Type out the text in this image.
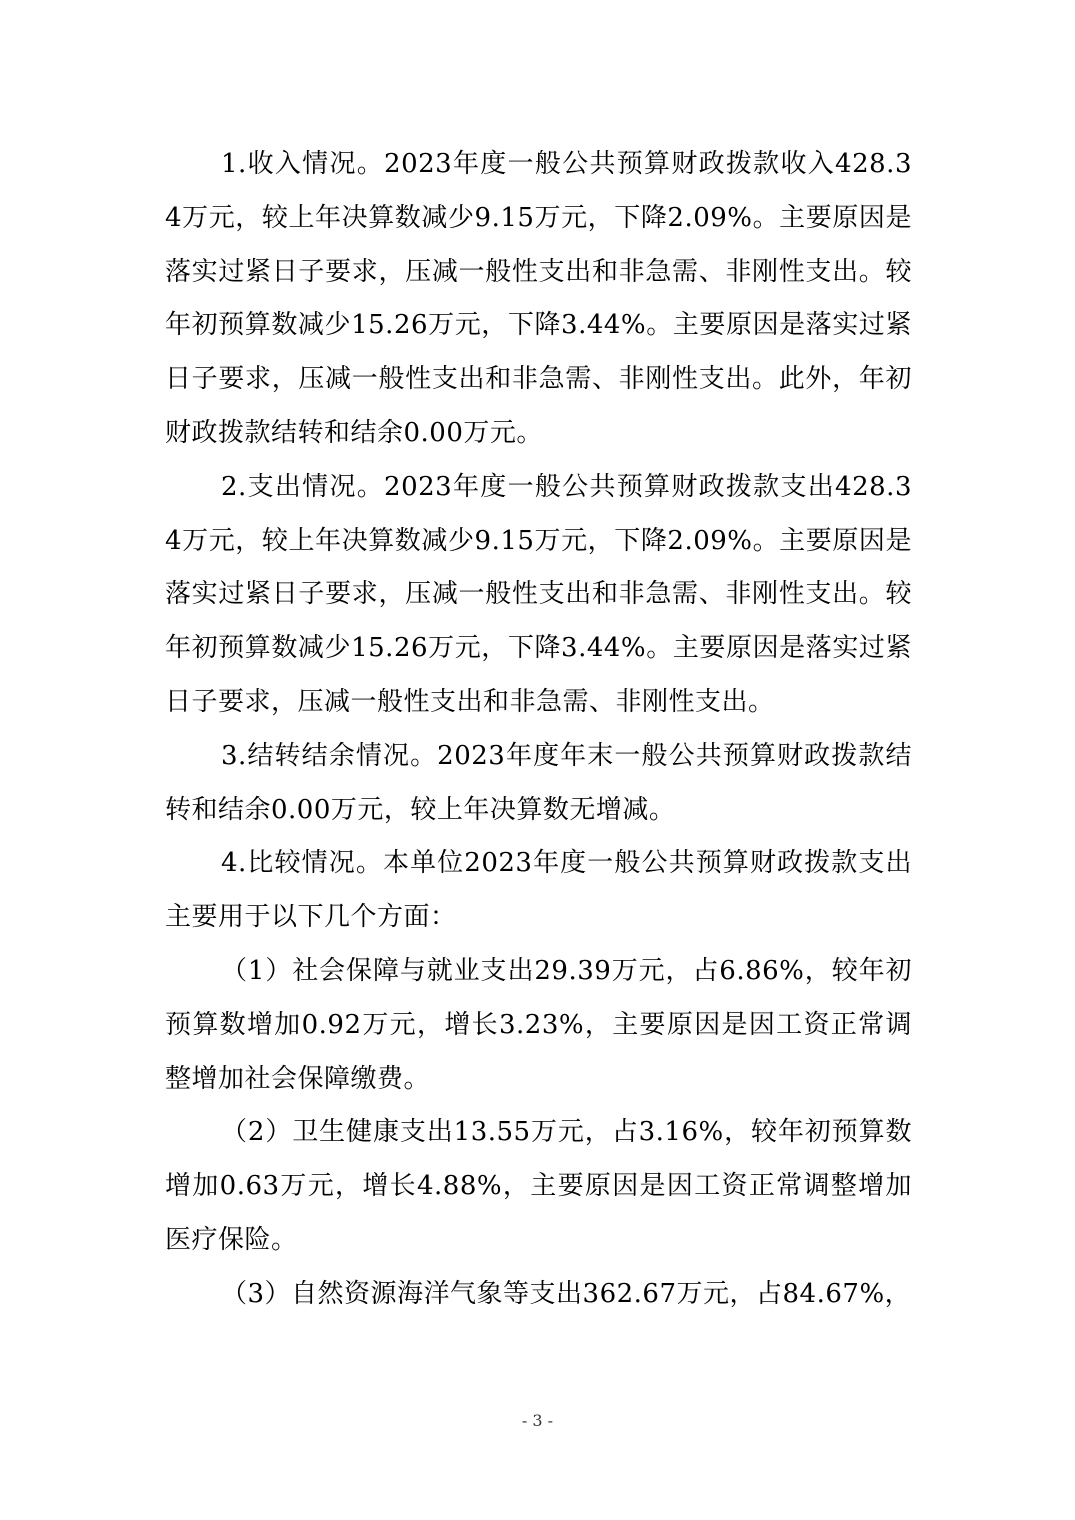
1.收入情况。2023年度一般公共预算财政拨款收入428.34万元，较上年决算数减少9.15万元，下降2.09%。主要原因是落实过紧日子要求，压减一般性支出和非急需、非刚性支出。较年初预算数减少15.26万元，下降3.44%。主要原因是落实过紧日子要求，压减一般性支出和非急需、非刚性支出。此外，年初财政拨款结转和结余0.00万元。

2.支出情况。2023年度一般公共预算财政拨款支出428.34万元，较上年决算数减少9.15万元，下降2.09%。主要原因是落实过紧日子要求，压减一般性支出和非急需、非刚性支出。较年初预算数减少15.26万元，下降3.44%。主要原因是落实过紧日子要求，压减一般性支出和非急需、非刚性支出。

3.结转结余情况。2023年度年末一般公共预算财政拨款结转和结余0.00万元，较上年决算数无增减。

4.比较情况。本单位2023年度一般公共预算财政拨款支出主要用于以下几个方面：

（1）社会保障与就业支出29.39万元，占6.86%，较年初预算数增加0.92万元，增长3.23%，主要原因是因工资正常调整增加社会保障缴费。

（2）卫生健康支出13.55万元，占3.16%，较年初预算数增加0.63万元，增长4.88%，主要原因是因工资正常调整增加医疗保险。

（3）自然资源海洋气象等支出362.67万元，占84.67%，

- 3 -
